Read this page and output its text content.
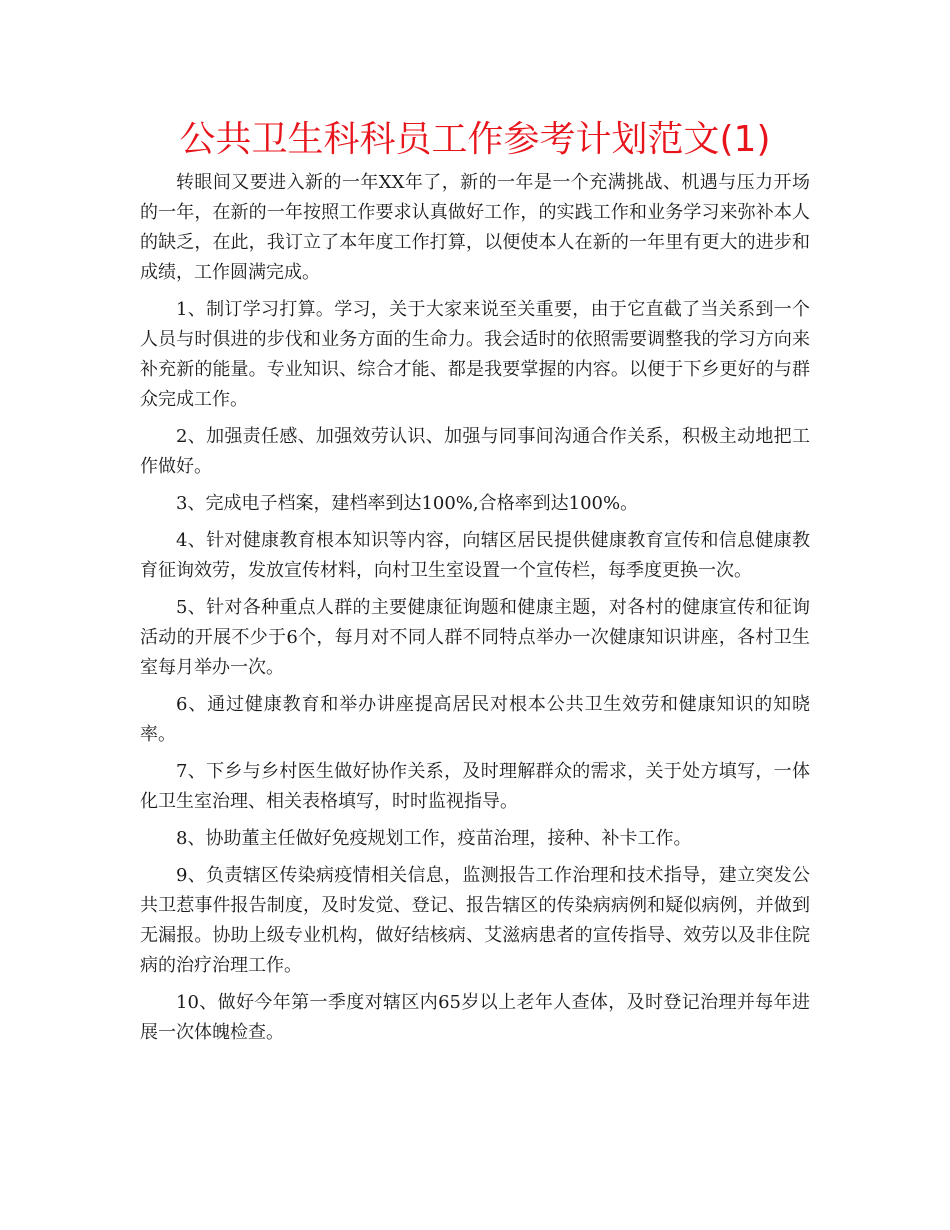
公共卫生科科员工作参考计划范文(1)

转眼间又要进入新的一年XX年了，新的一年是一个充满挑战、机遇与压力开场的一年，在新的一年按照工作要求认真做好工作，的实践工作和业务学习来弥补本人的缺乏，在此，我订立了本年度工作打算，以便使本人在新的一年里有更大的进步和成绩，工作圆满完成。

1、制订学习打算。学习，关于大家来说至关重要，由于它直截了当关系到一个人员与时俱进的步伐和业务方面的生命力。我会适时的依照需要调整我的学习方向来补充新的能量。专业知识、综合才能、都是我要掌握的内容。以便于下乡更好的与群众完成工作。

2、加强责任感、加强效劳认识、加强与同事间沟通合作关系，积极主动地把工作做好。

3、完成电子档案，建档率到达100%,合格率到达100%。

4、针对健康教育根本知识等内容，向辖区居民提供健康教育宣传和信息健康教育征询效劳，发放宣传材料，向村卫生室设置一个宣传栏，每季度更换一次。

5、针对各种重点人群的主要健康征询题和健康主题，对各村的健康宣传和征询活动的开展不少于6个，每月对不同人群不同特点举办一次健康知识讲座，各村卫生室每月举办一次。

6、通过健康教育和举办讲座提高居民对根本公共卫生效劳和健康知识的知晓率。

7、下乡与乡村医生做好协作关系，及时理解群众的需求，关于处方填写，一体化卫生室治理、相关表格填写，时时监视指导。

8、协助董主任做好免疫规划工作，疫苗治理，接种、补卡工作。

9、负责辖区传染病疫情相关信息，监测报告工作治理和技术指导，建立突发公共卫惹事件报告制度，及时发觉、登记、报告辖区的传染病病例和疑似病例，并做到无漏报。协助上级专业机构，做好结核病、艾滋病患者的宣传指导、效劳以及非住院病的治疗治理工作。

10、做好今年第一季度对辖区内65岁以上老年人查体，及时登记治理并每年进展一次体魄检查。
